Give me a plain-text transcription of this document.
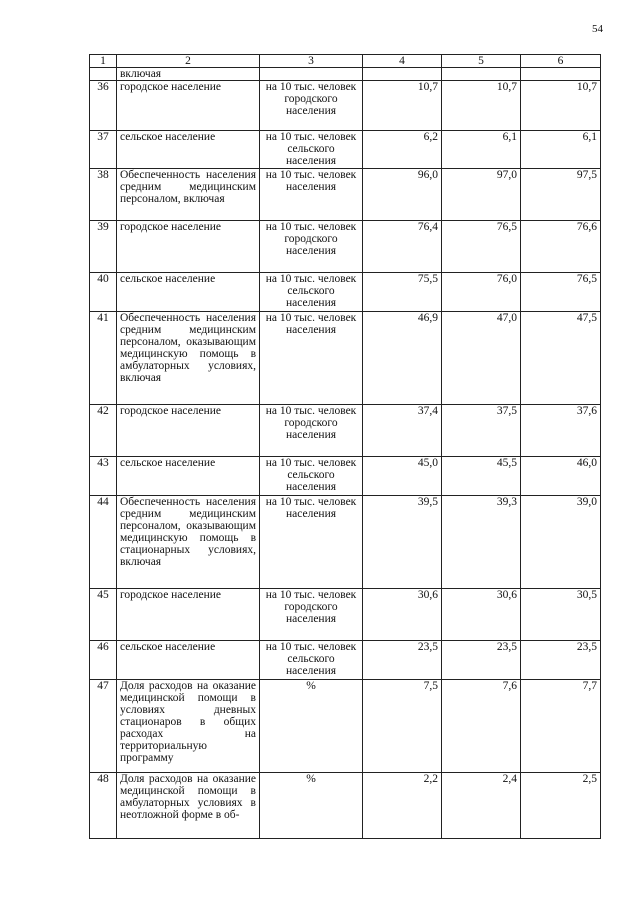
54
1	2	3	4	5	6
	включая				
36	городское население	на 10 тыс. человек городского населения	10,7	10,7	10,7
37	сельское население	на 10 тыс. человек сельского населения	6,2	6,1	6,1
38	Обеспеченность населения средним медицинским персоналом, включая	на 10 тыс. человек населения	96,0	97,0	97,5
39	городское население	на 10 тыс. человек городского населения	76,4	76,5	76,6
40	сельское население	на 10 тыс. человек сельского населения	75,5	76,0	76,5
41	Обеспеченность населения средним медицинским персоналом, оказывающим медицинскую помощь в амбулаторных условиях, включая	на 10 тыс. человек населения	46,9	47,0	47,5
42	городское население	на 10 тыс. человек городского населения	37,4	37,5	37,6
43	сельское население	на 10 тыс. человек сельского населения	45,0	45,5	46,0
44	Обеспеченность населения средним медицинским персоналом, оказывающим медицинскую помощь в стационарных условиях, включая	на 10 тыс. человек населения	39,5	39,3	39,0
45	городское население	на 10 тыс. человек городского населения	30,6	30,6	30,5
46	сельское население	на 10 тыс. человек сельского населения	23,5	23,5	23,5
47	Доля расходов на оказание медицинской помощи в условиях дневных стационаров в общих расходах на территориальную программу	%	7,5	7,6	7,7
48	Доля расходов на оказание медицинской помощи в амбулаторных условиях в неотложной форме в об-	%	2,2	2,4	2,5
